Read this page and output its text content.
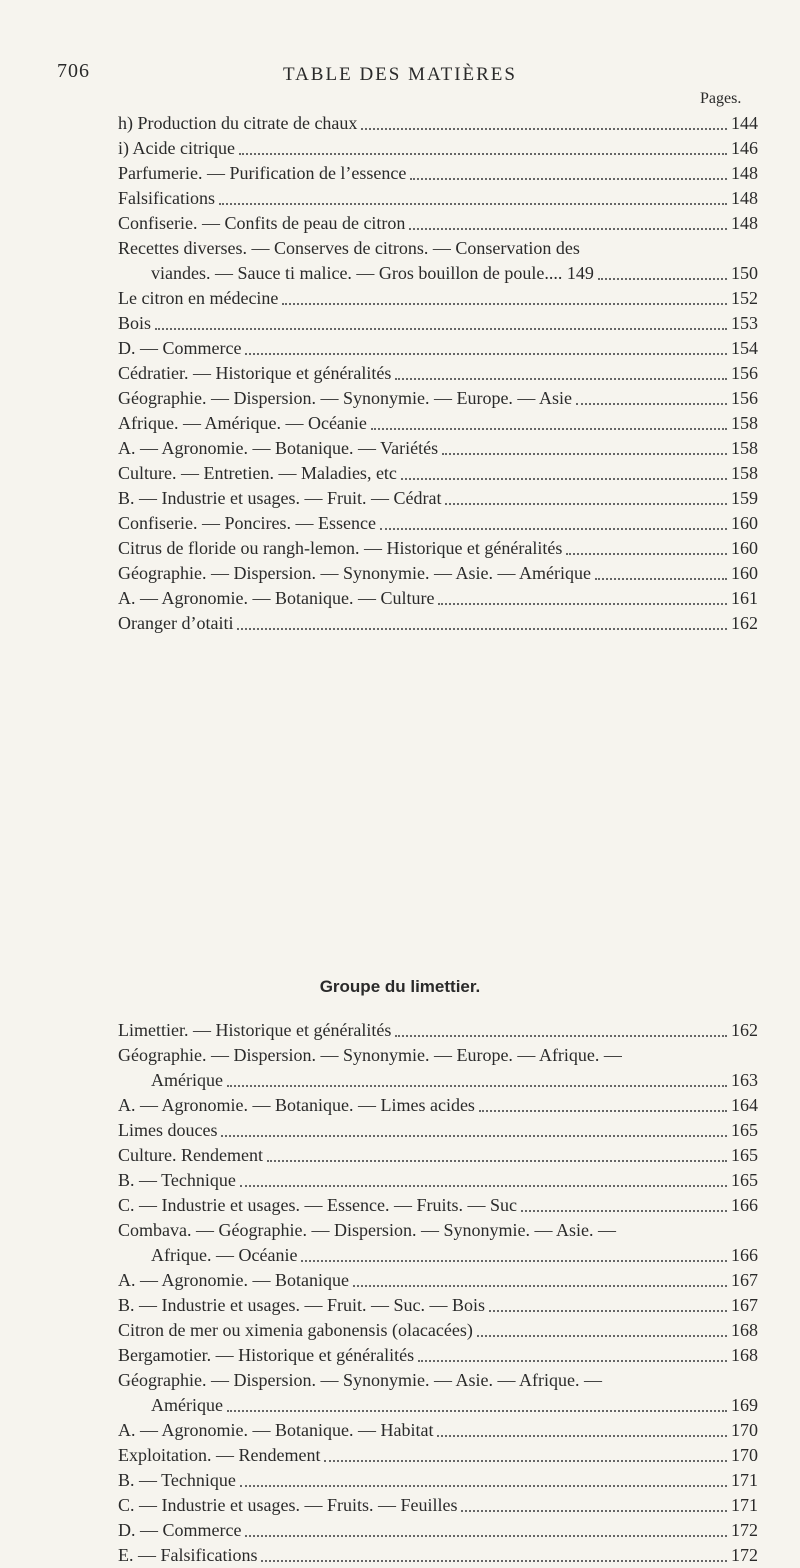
706	TABLE DES MATIÈRES
Pages.
h) Production du citrate de chaux	144
i) Acide citrique	146
Parfumerie. — Purification de l’essence	148
Falsifications	148
Confiserie. — Confits de peau de citron	148
Recettes diverses. — Conserves de citrons. — Conservation des
viandes. — Sauce ti malice. — Gros bouillon de poule.... 149	150
Le citron en médecine	152
Bois	153
D. — Commerce	154
Cédratier. — Historique et généralités	156
Géographie. — Dispersion. — Synonymie. — Europe. — Asie	156
Afrique. — Amérique. — Océanie	158
A. — Agronomie. — Botanique. — Variétés	158
Culture. — Entretien. — Maladies, etc	158
B. — Industrie et usages. — Fruit. — Cédrat	159
Confiserie. — Poncires. — Essence	160
Citrus de floride ou rangh-lemon. — Historique et généralités	160
Géographie. — Dispersion. — Synonymie. — Asie. — Amérique	160
A. — Agronomie. — Botanique. — Culture	161
Oranger d’otaiti	162
Groupe du limettier.
Limettier. — Historique et généralités	162
Géographie. — Dispersion. — Synonymie. — Europe. — Afrique. —
Amérique	163
A. — Agronomie. — Botanique. — Limes acides	164
Limes douces	165
Culture. Rendement	165
B. — Technique	165
C. — Industrie et usages. — Essence. — Fruits. — Suc	166
Combava. — Géographie. — Dispersion. — Synonymie. — Asie. —
Afrique. — Océanie	166
A. — Agronomie. — Botanique	167
B. — Industrie et usages. — Fruit. — Suc. — Bois	167
Citron de mer ou ximenia gabonensis (olacacées)	168
Bergamotier. — Historique et généralités	168
Géographie. — Dispersion. — Synonymie. — Asie. — Afrique. —
Amérique	169
A. — Agronomie. — Botanique. — Habitat	170
Exploitation. — Rendement	170
B. — Technique	171
C. — Industrie et usages. — Fruits. — Feuilles	171
D. — Commerce	172
E. — Falsifications	172
